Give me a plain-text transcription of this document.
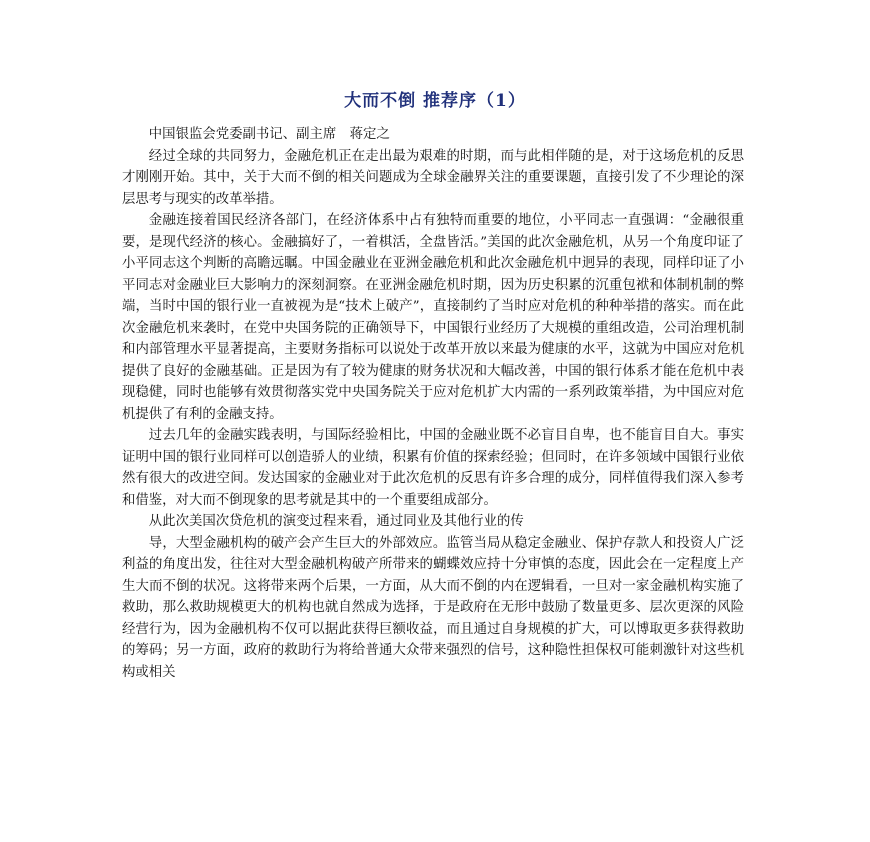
大而不倒 推荐序（1）

中国银监会党委副书记、副主席　蒋定之

经过全球的共同努力，金融危机正在走出最为艰难的时期，而与此相伴随的是，对于这场危机的反思才刚刚开始。其中，关于大而不倒的相关问题成为全球金融界关注的重要课题，直接引发了不少理论的深层思考与现实的改革举措。

金融连接着国民经济各部门，在经济体系中占有独特而重要的地位，小平同志一直强调：“金融很重要，是现代经济的核心。金融搞好了，一着棋活，全盘皆活。”美国的此次金融危机，从另一个角度印证了小平同志这个判断的高瞻远瞩。中国金融业在亚洲金融危机和此次金融危机中迥异的表现，同样印证了小平同志对金融业巨大影响力的深刻洞察。在亚洲金融危机时期，因为历史积累的沉重包袱和体制机制的弊端，当时中国的银行业一直被视为是“技术上破产”，直接制约了当时应对危机的种种举措的落实。而在此次金融危机来袭时，在党中央国务院的正确领导下，中国银行业经历了大规模的重组改造，公司治理机制和内部管理水平显著提高，主要财务指标可以说处于改革开放以来最为健康的水平，这就为中国应对危机提供了良好的金融基础。正是因为有了较为健康的财务状况和大幅改善，中国的银行体系才能在危机中表现稳健，同时也能够有效贯彻落实党中央国务院关于应对危机扩大内需的一系列政策举措，为中国应对危机提供了有利的金融支持。

过去几年的金融实践表明，与国际经验相比，中国的金融业既不必盲目自卑，也不能盲目自大。事实证明中国的银行业同样可以创造骄人的业绩，积累有价值的探索经验；但同时，在许多领域中国银行业依然有很大的改进空间。发达国家的金融业对于此次危机的反思有许多合理的成分，同样值得我们深入参考和借鉴，对大而不倒现象的思考就是其中的一个重要组成部分。

从此次美国次贷危机的演变过程来看，通过同业及其他行业的传

导，大型金融机构的破产会产生巨大的外部效应。监管当局从稳定金融业、保护存款人和投资人广泛利益的角度出发，往往对大型金融机构破产所带来的蝴蝶效应持十分审慎的态度，因此会在一定程度上产生大而不倒的状况。这将带来两个后果，一方面，从大而不倒的内在逻辑看，一旦对一家金融机构实施了救助，那么救助规模更大的机构也就自然成为选择，于是政府在无形中鼓励了数量更多、层次更深的风险经营行为，因为金融机构不仅可以据此获得巨额收益，而且通过自身规模的扩大，可以博取更多获得救助的筹码；另一方面，政府的救助行为将给普通大众带来强烈的信号，这种隐性担保权可能刺激针对这些机构或相关
